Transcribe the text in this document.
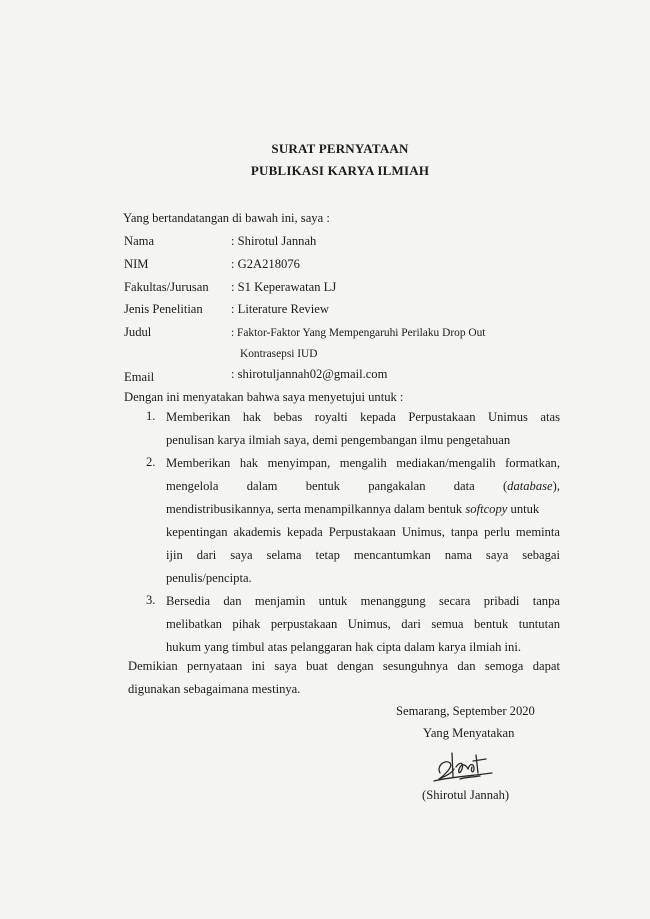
SURAT PERNYATAAN
PUBLIKASI KARYA ILMIAH
Yang bertandatangan di bawah ini, saya :
Nama	: Shirotul Jannah
NIM	: G2A218076
Fakultas/Jurusan : S1 Keperawatan LJ
Jenis Penelitian : Literature Review
Judul	: Faktor-Faktor Yang Mempengaruhi Perilaku Drop Out
Kontrasepsi IUD
Email	: shirotuljannah02@gmail.com
Dengan ini menyatakan bahwa saya menyetujui untuk :
1. Memberikan hak bebas royalti kepada Perpustakaan Unimus atas
penulisan karya ilmiah saya, demi pengembangan ilmu pengetahuan
2. Memberikan hak menyimpan, mengalih mediakan/mengalih formatkan,
mengelola dalam bentuk pangakalan data (database),
mendistribusikannya, serta menampilkannya dalam bentuk softcopy untuk
kepentingan akademis kepada Perpustakaan Unimus, tanpa perlu meminta
ijin dari saya selama tetap mencantumkan nama saya sebagai
penulis/pencipta.
3. Bersedia dan menjamin untuk menanggung secara pribadi tanpa
melibatkan pihak perpustakaan Unimus, dari semua bentuk tuntutan
hukum yang timbul atas pelanggaran hak cipta dalam karya ilmiah ini.
Demikian pernyataan ini saya buat dengan sesunguhnya dan semoga dapat
digunakan sebagaimana mestinya.
Semarang, September 2020
Yang Menyatakan
(Shirotul Jannah)
